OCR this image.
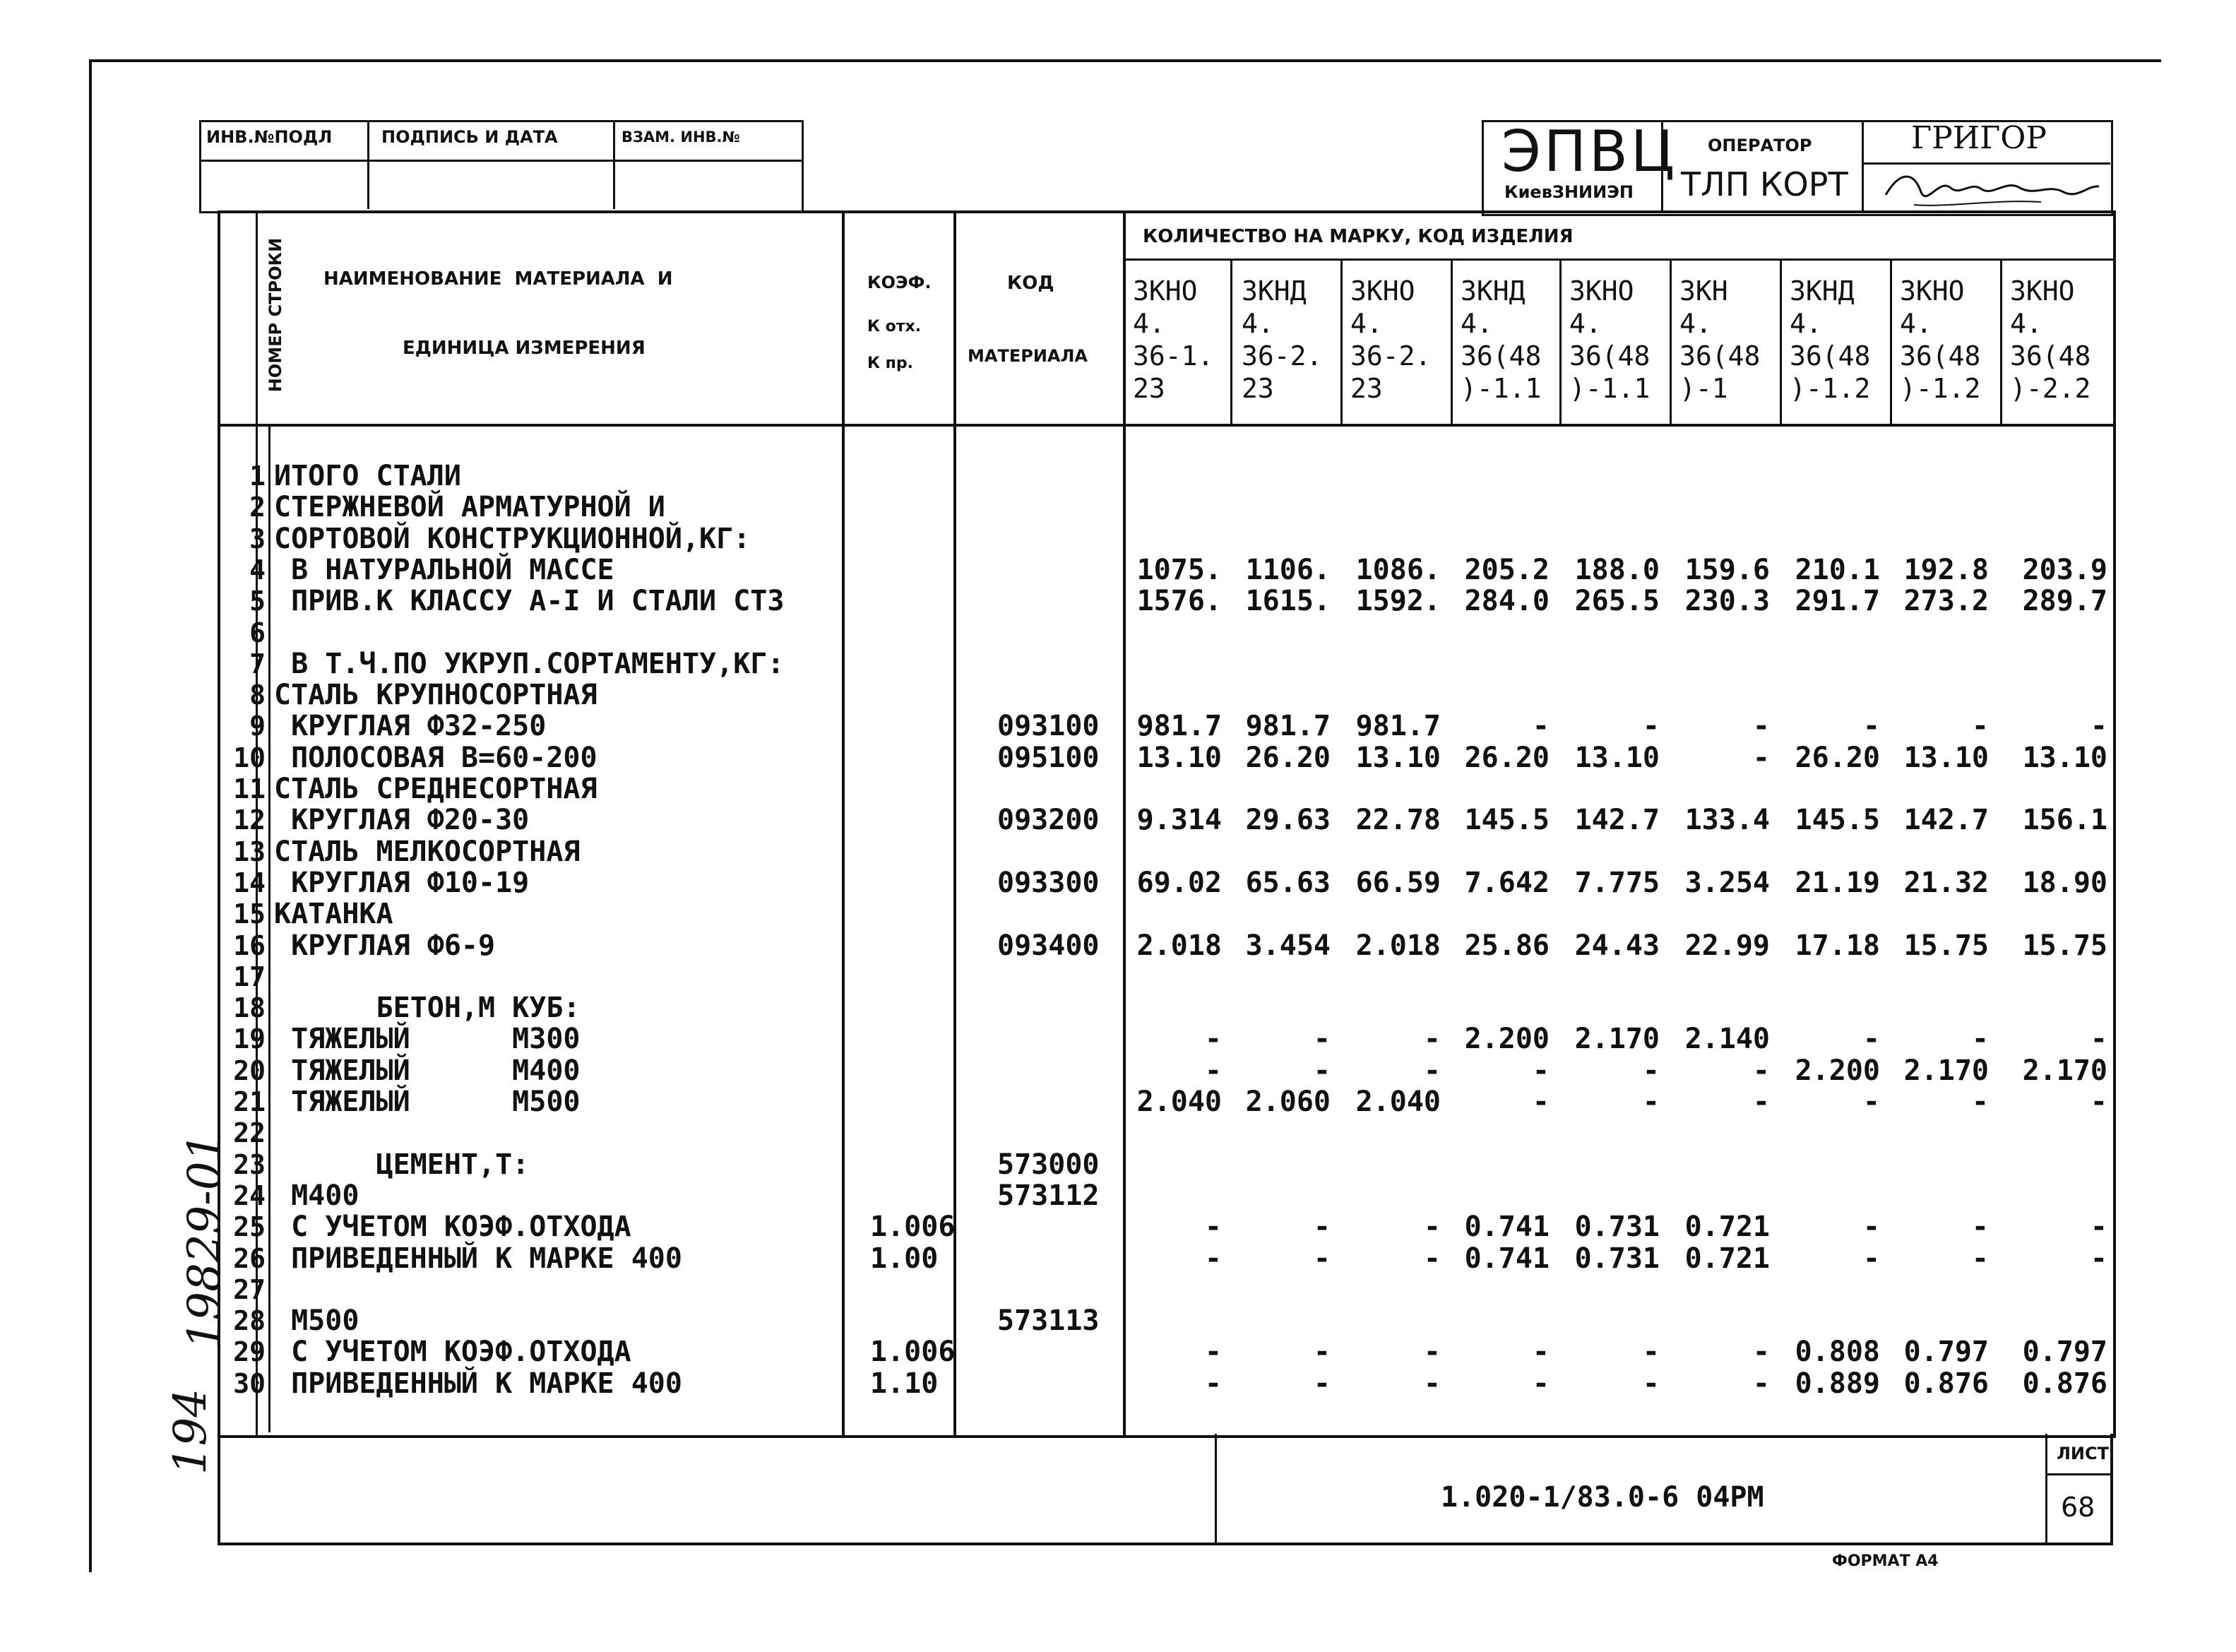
ИНВ.№ПОДЛ	ПОДПИСЬ И ДАТА	ВЗАМ. ИНВ.№	ЭПВЦ
КиевЗНИИЭП
ОПЕРАТОР
ТЛП КОРТ
ГРИГОР
НОМЕР СТРОКИ НАИМЕНОВАНИЕ  МАТЕРИАЛА  И
ЕДИНИЦА ИЗМЕРЕНИЯ
КОЭФ.
К отх.
К пр.
КОД
МАТЕРИАЛА
КОЛИЧЕСТВО НА МАРКУ, КОД ИЗДЕЛИЯ
ЗКНО
4.
36-1.
23
ЗКНД
4.
36-2.
23
ЗКНО
4.
36-2.
23
ЗКНД
4.
36(48
)-1.1
ЗКНО
4.
36(48
)-1.1
ЗКН
4.
36(48
)-1
ЗКНД
4.
36(48
)-1.2
ЗКНО
4.
36(48
)-1.2
ЗКНО
4.
36(48
)-2.2
1 ИТОГО СТАЛИ
2 СТЕРЖНЕВОЙ АРМАТУРНОЙ И
3 СОРТОВОЙ КОНСТРУКЦИОННОЙ,КГ:
4 В НАТУРАЛЬНОЙ МАССЕ	1075. 1106. 1086. 205.2 188.0 159.6 210.1 192.8	203.9
5 ПРИВ.К КЛАССУ А-I И СТАЛИ СТ3	1576. 1615. 1592. 284.0 265.5 230.3 291.7 273.2	289.7
6
7 В Т.Ч.ПО УКРУП.СОРТАМЕНТУ,КГ:
8 СТАЛЬ КРУПНОСОРТНАЯ
9 КРУГЛАЯ Ф32-250	093100	981.7 981.7 981.7	-	-	-	-	-	-
10 ПОЛОСОВАЯ В=60-200	095100	13.10 26.20 13.10 26.20 13.10	- 26.20 13.10	13.10
11 СТАЛЬ СРЕДНЕСОРТНАЯ
12 КРУГЛАЯ Ф20-30	093200	9.314 29.63 22.78 145.5 142.7 133.4 145.5 142.7	156.1
13 СТАЛЬ МЕЛКОСОРТНАЯ
14 КРУГЛАЯ Ф10-19	093300	69.02 65.63 66.59 7.642 7.775 3.254 21.19 21.32	18.90
15 КАТАНКА
16 КРУГЛАЯ Ф6-9	093400	2.018 3.454 2.018 25.86 24.43 22.99 17.18 15.75	15.75
17
18 БЕТОН,М КУБ:
19 ТЯЖЕЛЫЙ      М300	-	-	- 2.200 2.170 2.140	-	-	-
20 ТЯЖЕЛЫЙ      М400	-	-	-	-	-	- 2.200 2.170	2.170
21 ТЯЖЕЛЫЙ      М500	2.040 2.060 2.040	-	-	-	-	-	-
22
23 ЦЕМЕНТ,Т:	573000
24 М400	573112
25 С УЧЕТОМ КОЭФ.ОТХОДА	1.006	-	-	- 0.741 0.731 0.721	-	-	-
26 ПРИВЕДЕННЫЙ К МАРКЕ 400	1.00	-	-	- 0.741 0.731 0.721	-	-	-
27
28 М500	573113
29 С УЧЕТОМ КОЭФ.ОТХОДА	1.006	-	-	-	-	-	- 0.808 0.797	0.797
30 ПРИВЕДЕННЫЙ К МАРКЕ 400	1.10	-	-	-	-	-	- 0.889 0.876	0.876
1.020-1/83.0-6 04РМ
ЛИСТ
68
ФОРМАТ А4
19829-01
194
